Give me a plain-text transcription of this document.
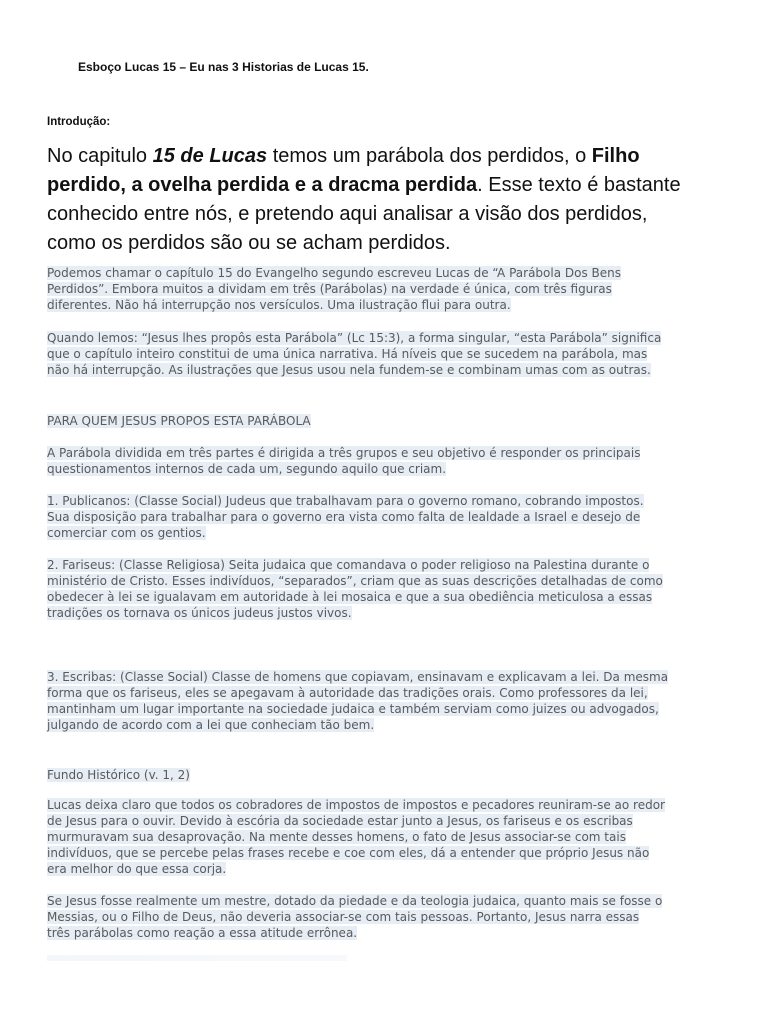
Esboço Lucas 15 – Eu nas 3 Historias de Lucas 15.
Introdução:
No capitulo 15 de Lucas temos um parábola dos perdidos, o Filho
perdido, a ovelha perdida e a dracma perdida. Esse texto é bastante
conhecido entre nós, e pretendo aqui analisar a visão dos perdidos,
como os perdidos são ou se acham perdidos.
Podemos chamar o capítulo 15 do Evangelho segundo escreveu Lucas de “A Parábola Dos Bens
Perdidos”. Embora muitos a dividam em três (Parábolas) na verdade é única, com três figuras
diferentes. Não há interrupção nos versículos. Uma ilustração flui para outra.
Quando lemos: “Jesus lhes propôs esta Parábola” (Lc 15:3), a forma singular, “esta Parábola” significa
que o capítulo inteiro constitui de uma única narrativa. Há níveis que se sucedem na parábola, mas
não há interrupção. As ilustrações que Jesus usou nela fundem-se e combinam umas com as outras.
PARA QUEM JESUS PROPOS ESTA PARÁBOLA
A Parábola dividida em três partes é dirigida a três grupos e seu objetivo é responder os principais
questionamentos internos de cada um, segundo aquilo que criam.
1. Publicanos: (Classe Social) Judeus que trabalhavam para o governo romano, cobrando impostos.
Sua disposição para trabalhar para o governo era vista como falta de lealdade a Israel e desejo de
comerciar com os gentios.
2. Fariseus: (Classe Religiosa) Seita judaica que comandava o poder religioso na Palestina durante o
ministério de Cristo. Esses indivíduos, “separados”, criam que as suas descrições detalhadas de como
obedecer à lei se igualavam em autoridade à lei mosaica e que a sua obediência meticulosa a essas
tradições os tornava os únicos judeus justos vivos.
3. Escribas: (Classe Social) Classe de homens que copiavam, ensinavam e explicavam a lei. Da mesma
forma que os fariseus, eles se apegavam à autoridade das tradições orais. Como professores da lei,
mantinham um lugar importante na sociedade judaica e também serviam como juizes ou advogados,
julgando de acordo com a lei que conheciam tão bem.
Fundo Histórico (v. 1, 2)
Lucas deixa claro que todos os cobradores de impostos de impostos e pecadores reuniram-se ao redor
de Jesus para o ouvir. Devido à escória da sociedade estar junto a Jesus, os fariseus e os escribas
murmuravam sua desaprovação. Na mente desses homens, o fato de Jesus associar-se com tais
indivíduos, que se percebe pelas frases recebe e coe com eles, dá a entender que próprio Jesus não
era melhor do que essa corja.
Se Jesus fosse realmente um mestre, dotado da piedade e da teologia judaica, quanto mais se fosse o
Messias, ou o Filho de Deus, não deveria associar-se com tais pessoas. Portanto, Jesus narra essas
três parábolas como reação a essa atitude errônea.
